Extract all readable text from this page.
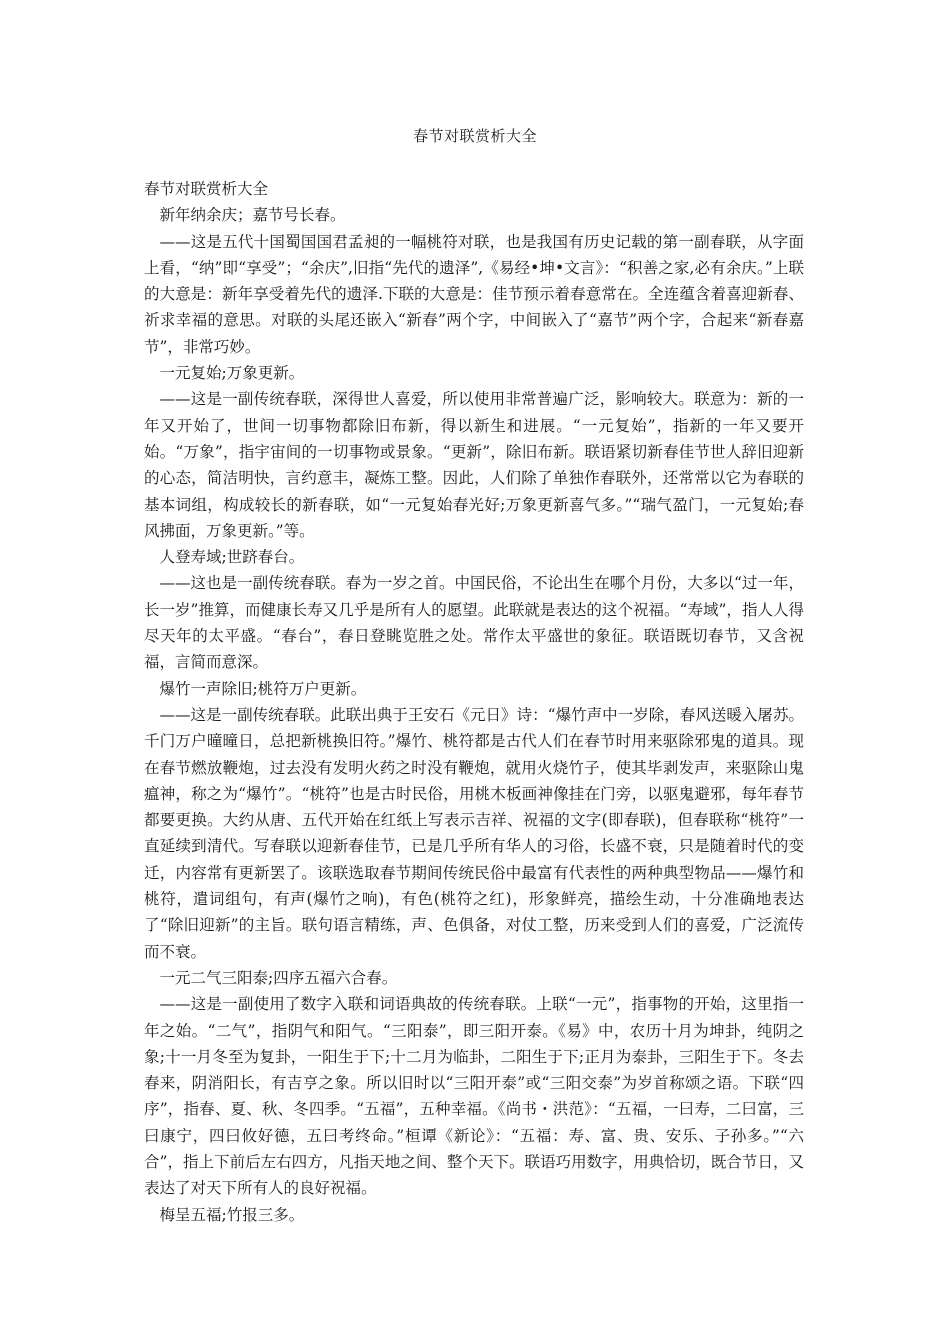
春节对联赏析大全

春节对联赏析大全

新年纳余庆；嘉节号长春。

——这是五代十国蜀国国君孟昶的一幅桃符对联，也是我国有历史记载的第一副春联，从字面上看，“纳”即“享受”；“余庆”,旧指“先代的遗泽”,《易经•坤•文言》：“积善之家,必有余庆。”上联的大意是：新年享受着先代的遗泽.下联的大意是：佳节预示着春意常在。全连蕴含着喜迎新春、祈求幸福的意思。对联的头尾还嵌入“新春”两个字，中间嵌入了“嘉节”两个字，合起来“新春嘉节”，非常巧妙。

一元复始;万象更新。

——这是一副传统春联，深得世人喜爱，所以使用非常普遍广泛，影响较大。联意为：新的一年又开始了，世间一切事物都除旧布新，得以新生和进展。“一元复始”，指新的一年又要开始。“万象”，指宇宙间的一切事物或景象。“更新”，除旧布新。联语紧切新春佳节世人辞旧迎新的心态，简洁明快，言约意丰，凝炼工整。因此，人们除了单独作春联外，还常常以它为春联的基本词组，构成较长的新春联，如“一元复始春光好;万象更新喜气多。”“瑞气盈门，一元复始;春风拂面，万象更新。”等。

人登寿域;世跻春台。

——这也是一副传统春联。春为一岁之首。中国民俗，不论出生在哪个月份，大多以“过一年，长一岁”推算，而健康长寿又几乎是所有人的愿望。此联就是表达的这个祝福。“寿域”，指人人得尽天年的太平盛。“春台”，春日登眺览胜之处。常作太平盛世的象征。联语既切春节，又含祝福，言简而意深。

爆竹一声除旧;桃符万户更新。

——这是一副传统春联。此联出典于王安石《元日》诗：“爆竹声中一岁除，春风送暖入屠苏。千门万户曈曈日，总把新桃换旧符。”爆竹、桃符都是古代人们在春节时用来驱除邪鬼的道具。现在春节燃放鞭炮，过去没有发明火药之时没有鞭炮，就用火烧竹子，使其毕剥发声，来驱除山鬼瘟神，称之为“爆竹”。“桃符”也是古时民俗，用桃木板画神像挂在门旁，以驱鬼避邪，每年春节都要更换。大约从唐、五代开始在红纸上写表示吉祥、祝福的文字(即春联)，但春联称“桃符”一直延续到清代。写春联以迎新春佳节，已是几乎所有华人的习俗，长盛不衰，只是随着时代的变迁，内容常有更新罢了。该联选取春节期间传统民俗中最富有代表性的两种典型物品——爆竹和桃符，遣词组句，有声(爆竹之响)，有色(桃符之红)，形象鲜亮，描绘生动，十分准确地表达了“除旧迎新”的主旨。联句语言精练，声、色俱备，对仗工整，历来受到人们的喜爱，广泛流传而不衰。

一元二气三阳泰;四序五福六合春。

——这是一副使用了数字入联和词语典故的传统春联。上联“一元”，指事物的开始，这里指一年之始。“二气”，指阴气和阳气。“三阳泰”，即三阳开泰。《易》中，农历十月为坤卦，纯阴之象;十一月冬至为复卦，一阳生于下;十二月为临卦，二阳生于下;正月为泰卦，三阳生于下。冬去春来，阴消阳长，有吉亨之象。所以旧时以“三阳开泰”或“三阳交泰”为岁首称颂之语。下联“四序”，指春、夏、秋、冬四季。“五福”，五种幸福。《尚书・洪范》：“五福，一曰寿，二曰富，三曰康宁，四曰攸好德，五曰考终命。”桓谭《新论》：“五福：寿、富、贵、安乐、子孙多。”“六合”，指上下前后左右四方，凡指天地之间、整个天下。联语巧用数字，用典恰切，既合节日，又表达了对天下所有人的良好祝福。

梅呈五福;竹报三多。
